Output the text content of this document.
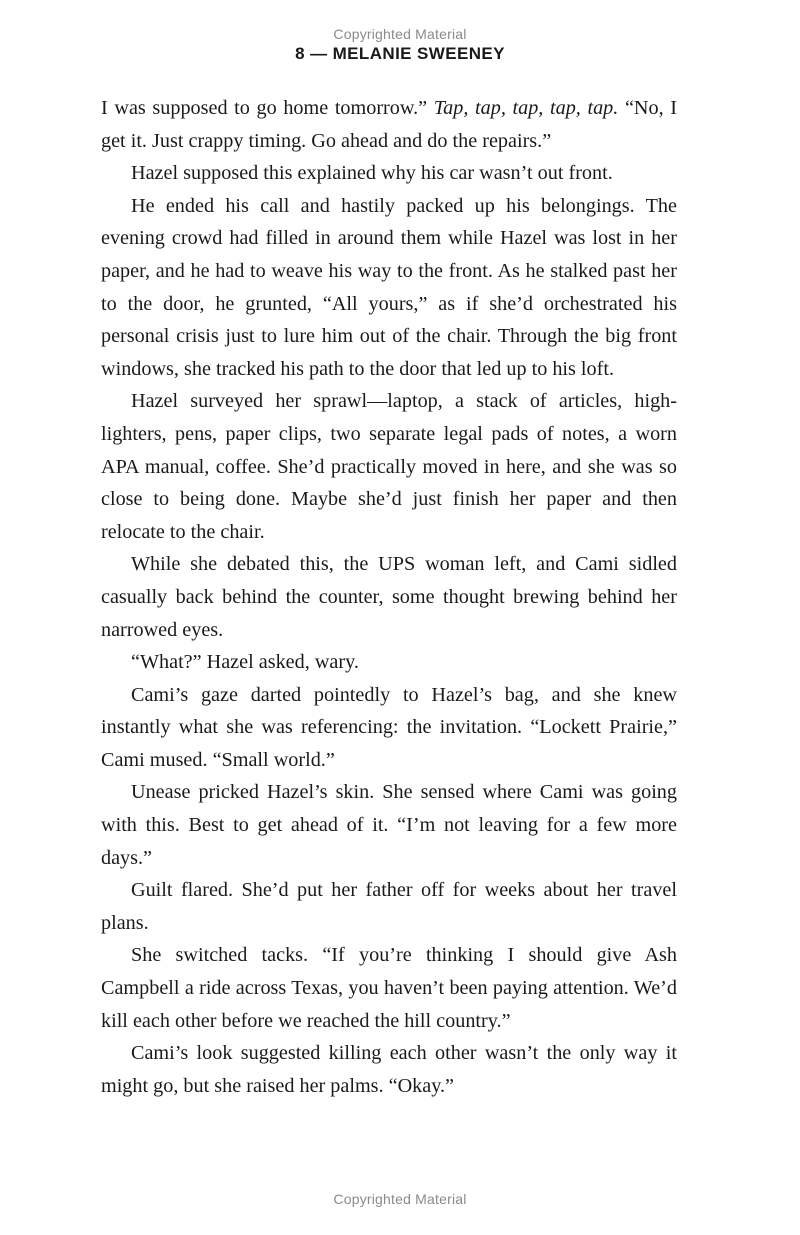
Copyrighted Material
8 — MELANIE SWEENEY

I was supposed to go home tomorrow.” Tap, tap, tap, tap, tap. “No, I get it. Just crappy timing. Go ahead and do the repairs.”

Hazel supposed this explained why his car wasn’t out front.

He ended his call and hastily packed up his belongings. The evening crowd had filled in around them while Hazel was lost in her paper, and he had to weave his way to the front. As he stalked past her to the door, he grunted, “All yours,” as if she’d orchestrated his personal crisis just to lure him out of the chair. Through the big front windows, she tracked his path to the door that led up to his loft.

Hazel surveyed her sprawl—laptop, a stack of articles, highlighters, pens, paper clips, two separate legal pads of notes, a worn APA manual, coffee. She’d practically moved in here, and she was so close to being done. Maybe she’d just finish her paper and then relocate to the chair.

While she debated this, the UPS woman left, and Cami sidled casually back behind the counter, some thought brewing behind her narrowed eyes.

“What?” Hazel asked, wary.

Cami’s gaze darted pointedly to Hazel’s bag, and she knew instantly what she was referencing: the invitation. “Lockett Prairie,” Cami mused. “Small world.”

Unease pricked Hazel’s skin. She sensed where Cami was going with this. Best to get ahead of it. “I’m not leaving for a few more days.”

Guilt flared. She’d put her father off for weeks about her travel plans.

She switched tacks. “If you’re thinking I should give Ash Campbell a ride across Texas, you haven’t been paying attention. We’d kill each other before we reached the hill country.”

Cami’s look suggested killing each other wasn’t the only way it might go, but she raised her palms. “Okay.”

Copyrighted Material
